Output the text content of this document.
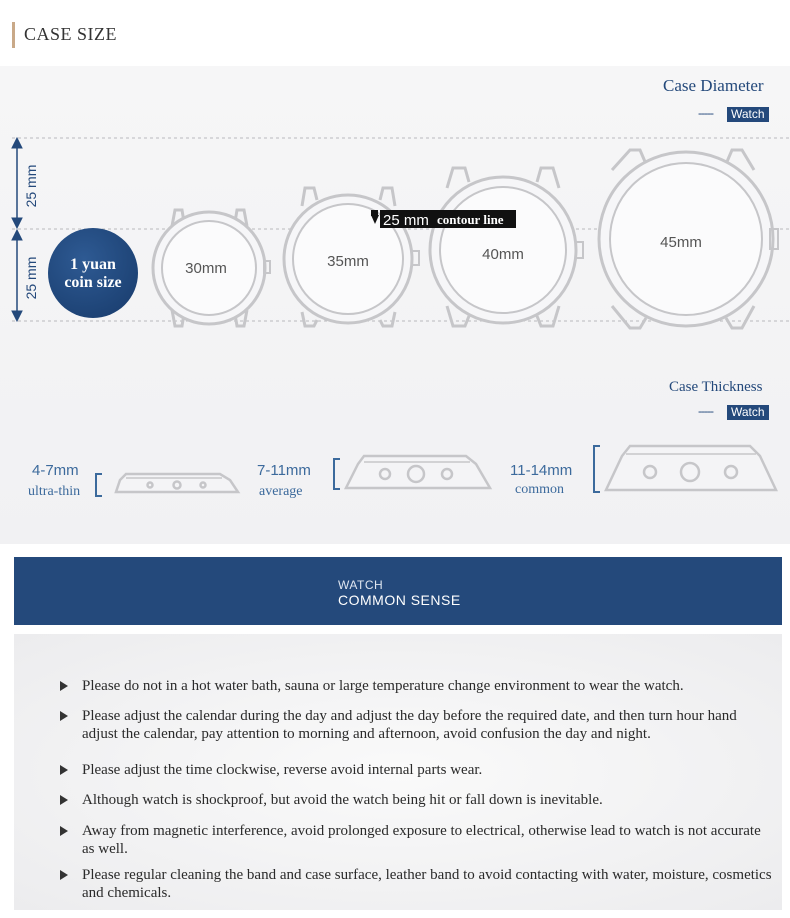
CASE SIZE
Case Diameter
-----	Watch
25 mm
25 mm	30mm	35mm	40mm
45mm
25 mm contour line
1 yuan
coin size
Case Thickness
-----	Watch
4-7mm
ultra-thin
7-11mm
average
11-14mm
common
WATCH
COMMON SENSE
Please do not in a hot water bath, sauna or large temperature change environment to wear the watch.
Please adjust the calendar during the day and adjust the day before the required date, and then turn hour hand adjust the calendar, pay attention to morning and afternoon, avoid confusion the day and night.
Please adjust the time clockwise, reverse avoid internal parts wear.
Although watch is shockproof, but avoid the watch being hit or fall down is inevitable.
Away from magnetic interference, avoid prolonged exposure to electrical, otherwise lead to watch is not accurate as well.
Please regular cleaning the band and case surface, leather band to avoid contacting with water, moisture, cosmetics and chemicals.
